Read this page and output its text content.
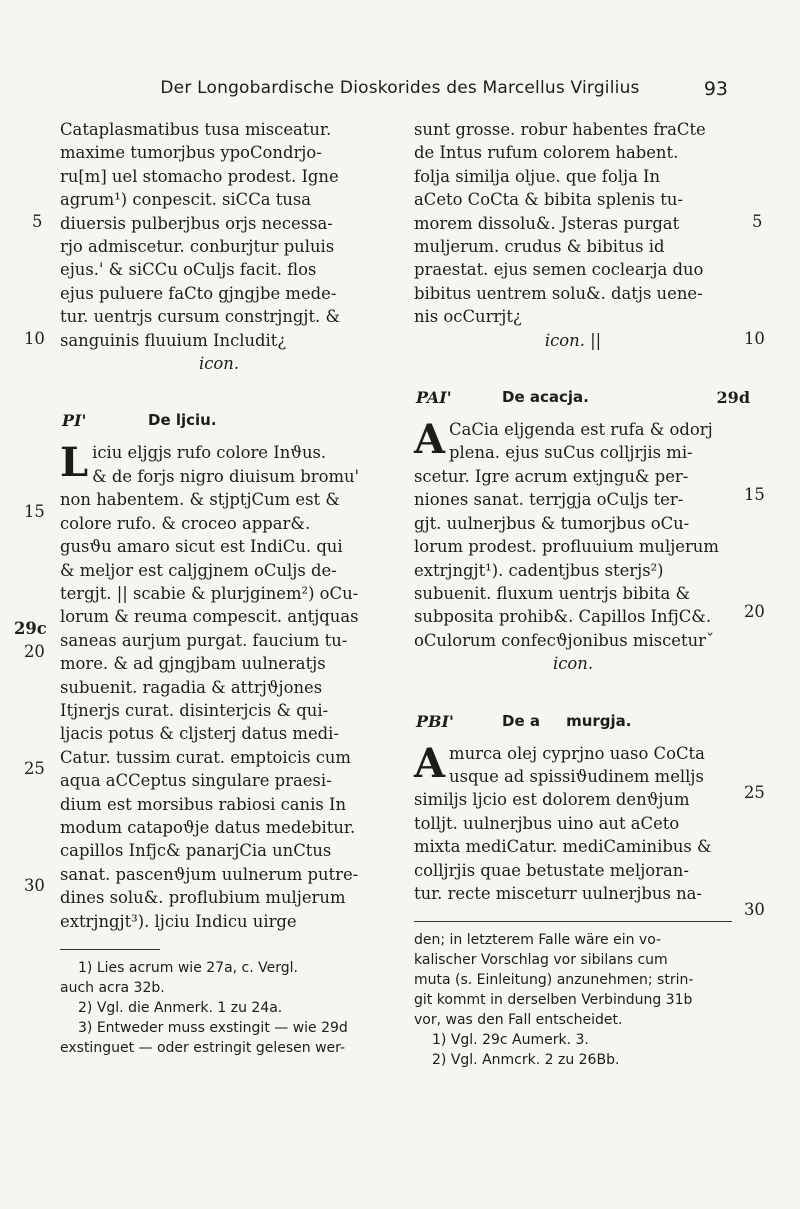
Der Longobardische Dioskorides des Marcellus Virgilius	93
Cataplasmatibus tusa misceatur.
maxime tumorjbus ypoCondrjo-
ru[m] uel stomacho prodest. Igne
agrum¹) conpescit. siCCa tusa
diuersis pulberjbus orjs necessa-
rjo admiscetur. conburjtur puluis
ejus.' & siCCu oCulјs facit. flos
ejus puluere faCto gjngjbe mede-
tur. uentrjs cursum constrjngjt. &
sanguinis fluuium Includit¿
icon.
PI'	De ljciu.
Liciu eljgjs rufo colore Inϑus.
& de forjs nigro diuisum bromu'
non habentem. & stjptjCum est &
colore rufo. & croceo appar&.
gusϑu amaro sicut est IndiCu. qui
& meljor est caljgjnem oCulјs de-
tergjt. || scabie & plurjginem²) oCu-
lorum & reuma compescit. antjquas
saneas aurjum purgat. faucium tu-
more. & ad gjngjbam uulneratjs
subuenit. ragadia & attrjϑjones
Itjnerjs curat. disinterjcis & qui-
ljacis potus & cljsterj datus medi-
Catur. tussim curat. emptoicis cum
aqua aCCeptus singulare praesi-
dium est morsibus rabiosi canis In
modum catapoϑje datus medebitur.
capillos Infjc& panarjCia unCtus
sanat. pascenϑjum uulnerum putre-
dines solu&. proflubium muljerum
extrjngjt³). ljciu Indicu uirge
1) Lies acrum wie 27a, c. Vergl.
auch acra 32b.
2) Vgl. die Anmerk. 1 zu 24a.
3) Entweder muss exstingit — wie 29d
exstinguet — oder estringit gelesen wer-
5
10
15
29c
20
25
30
sunt grosse. robur habentes fraCte
de Intus rufum colorem habent.
folja similja oljue. que folja In
aCeto CoCta & bibita splenis tu-
morem dissolu&. Jsteras purgat
muljerum. crudus & bibitus id
praestat. ejus semen coclearja duo
bibitus uentrem solu&. datjs uene-
nis ocCurrjt¿
icon. ||
PAI'	De acacja.	29d
A CaCia eljgenda est rufa & odorj
plena. ejus suCus colljrjis mi-
scetur. Igre acrum extjngu& per-
niones sanat. terrjgja oCulјs ter-
gjt. uulnerjbus & tumorjbus oCu-
lorum prodest. profluuium muljerum
extrjngjt¹). cadentjbus sterjs²)
subuenit. fluxum uentrjs bibita &
subposita prohib&. Capillos InfjC&.
oCulorum confecϑjonibus misceturˇ
icon.
PBI'	De a     murgja.
Amurca olej cyprjno uaso CoCta
usque ad spissiϑudinem melljs
similjs ljcio est dolorem denϑjum
tolljt. uulnerjbus uino aut aCeto
mixta mediCatur. mediCaminibus &
colljrjis quae betustate meljoran-
tur. recte misceturr uulnerjbus na-
den; in letzterem Falle wäre ein vo-
kalischer Vorschlag vor sibilans cum
muta (s. Einleitung) anzunehmen; strin-
git kommt in derselben Verbindung 31b
vor, was den Fall entscheidet.
1) Vgl. 29c Aumerk. 3.
2) Vgl. Anmcrk. 2 zu 26Bb.
5
10
15
20
25
30
